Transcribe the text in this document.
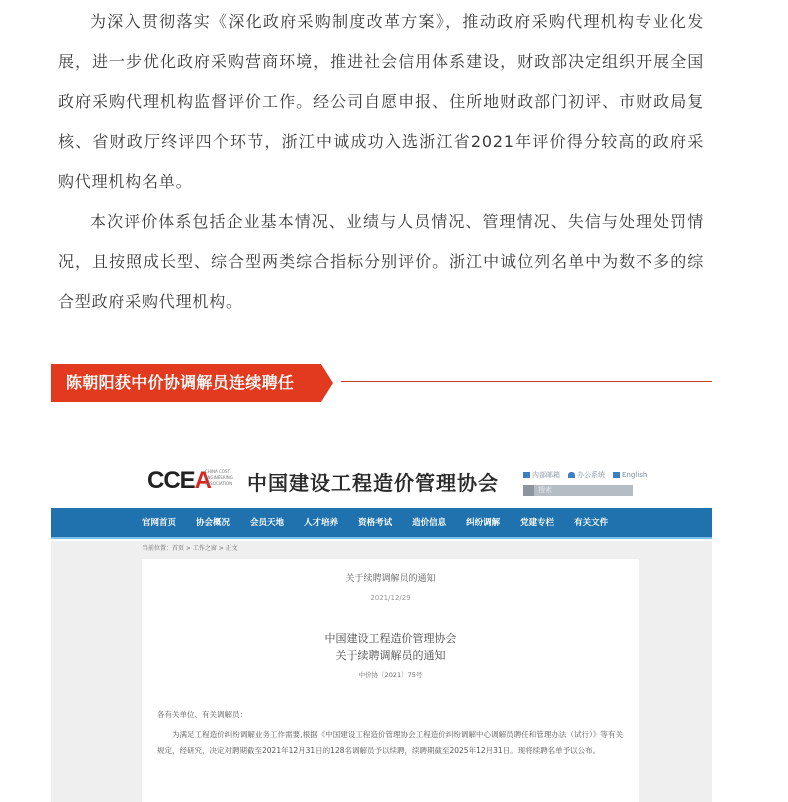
为深入贯彻落实《深化政府采购制度改革方案》，推动政府采购代理机构专业化发展，进一步优化政府采购营商环境，推进社会信用体系建设，财政部决定组织开展全国政府采购代理机构监督评价工作。经公司自愿申报、住所地财政部门初评、市财政局复核、省财政厅终评四个环节，浙江中诚成功入选浙江省2021年评价得分较高的政府采购代理机构名单。

本次评价体系包括企业基本情况、业绩与人员情况、管理情况、失信与处理处罚情况，且按照成长型、综合型两类综合指标分别评价。浙江中诚位列名单中为数不多的综合型政府采购代理机构。

陈朝阳获中价协调解员连续聘任
CCEA
CHINA COST ENGINEERING ASSOCIATION 中国建设工程造价管理协会	内部邮箱 办公系统 English
搜索
官网首页 协会概况 会员天地 人才培养 资格考试 造价信息 纠纷调解 党建专栏 有关文件
当前位置：首页 > 工作之窗 > 正文
关于续聘调解员的通知
2021/12/29
中国建设工程造价管理协会
关于续聘调解员的通知
中价协〔2021〕75号
各有关单位、有关调解员：
为满足工程造价纠纷调解业务工作需要,根据《中国建设工程造价管理协会工程造价纠纷调解中心调解员聘任和管理办法（试行）》等有关规定，经研究，决定对聘期截至2021年12月31日的128名调解员予以续聘，续聘期截至2025年12月31日。现将续聘名单予以公布。
